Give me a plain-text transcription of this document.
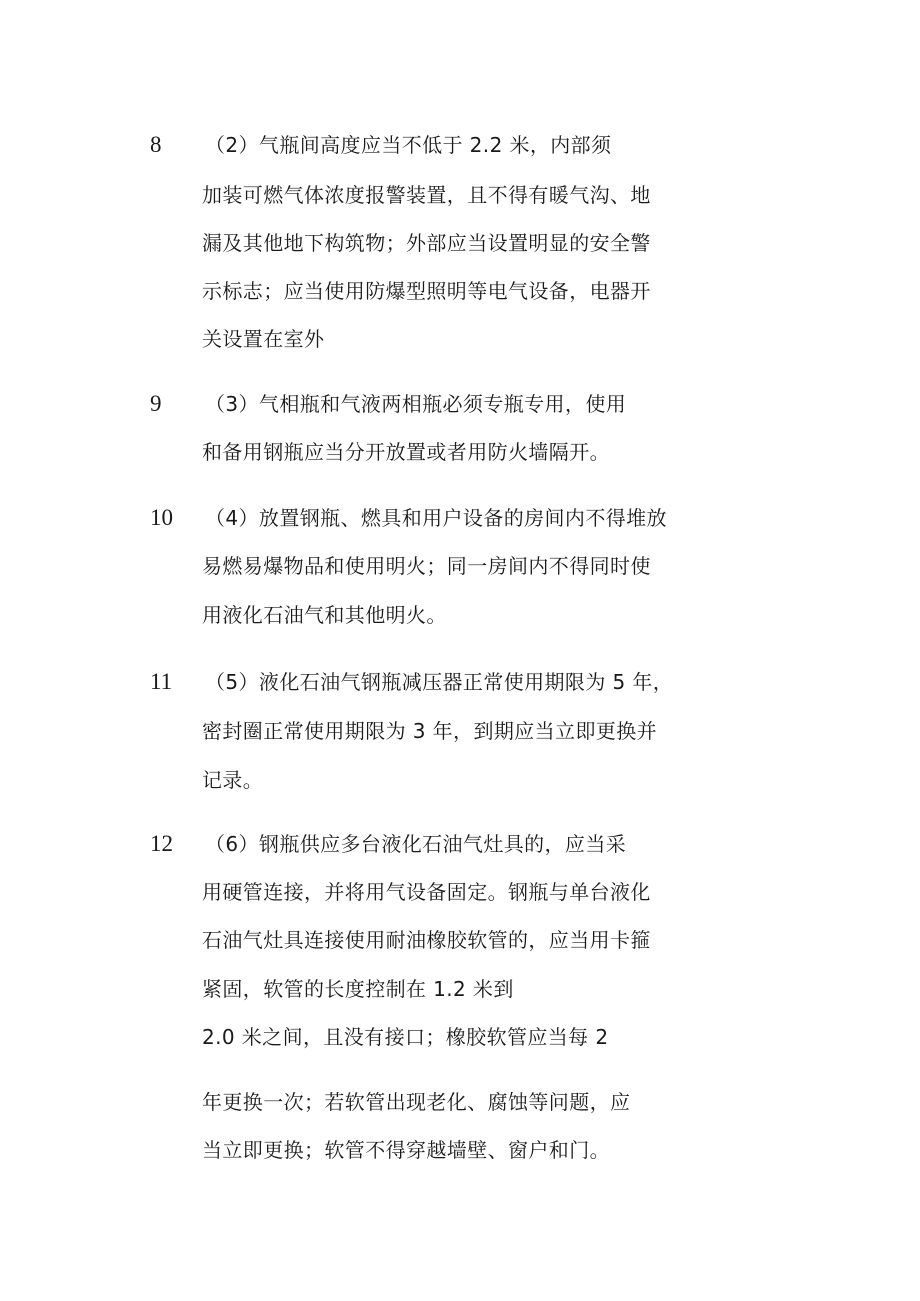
8 （2）气瓶间高度应当不低于 2.2 米，内部须
加装可燃气体浓度报警装置，且不得有暖气沟、地
漏及其他地下构筑物；外部应当设置明显的安全警
示标志；应当使用防爆型照明等电气设备，电器开
关设置在室外
9 （3）气相瓶和气液两相瓶必须专瓶专用，使用
和备用钢瓶应当分开放置或者用防火墙隔开。
10 （4）放置钢瓶、燃具和用户设备的房间内不得堆放
易燃易爆物品和使用明火；同一房间内不得同时使
用液化石油气和其他明火。
11 （5）液化石油气钢瓶减压器正常使用期限为 5 年，
密封圈正常使用期限为 3 年，到期应当立即更换并
记录。
12 （6）钢瓶供应多台液化石油气灶具的，应当采
用硬管连接，并将用气设备固定。钢瓶与单台液化
石油气灶具连接使用耐油橡胶软管的，应当用卡箍
紧固，软管的长度控制在 1.2 米到
2.0 米之间，且没有接口；橡胶软管应当每 2
年更换一次；若软管出现老化、腐蚀等问题，应
当立即更换；软管不得穿越墙壁、窗户和门。
